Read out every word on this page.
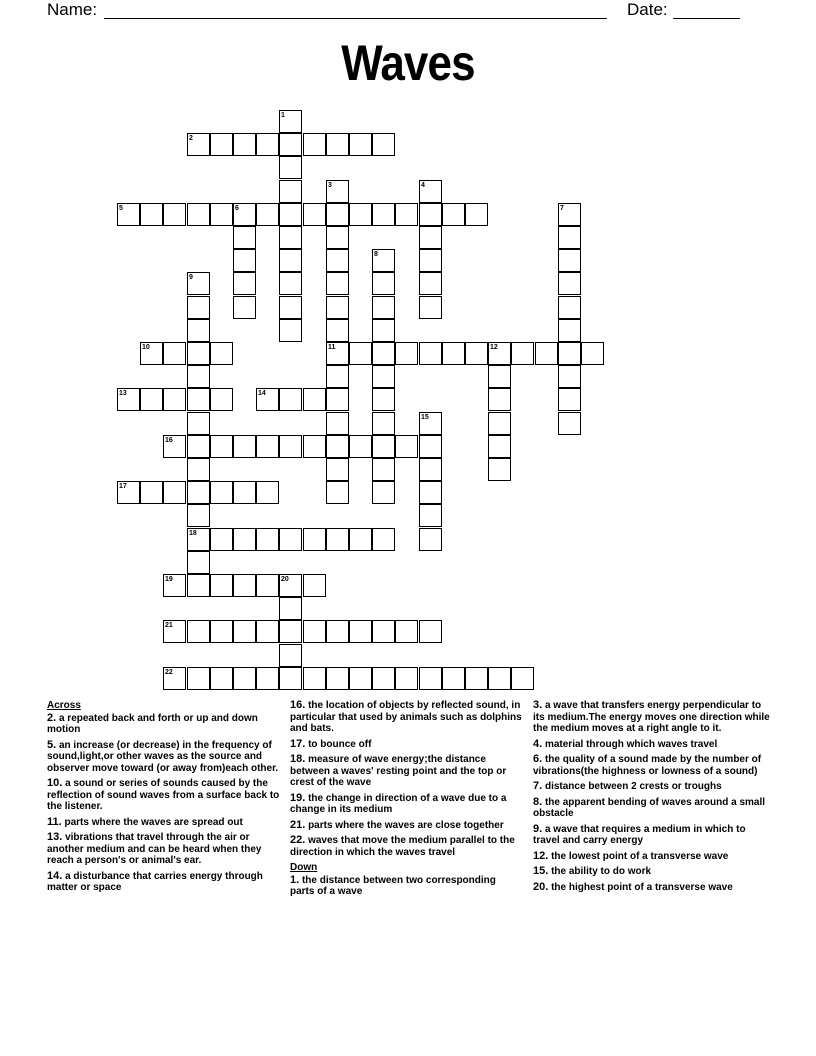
Name:	Date:
Waves
1
2
3	4
5	6	7
8
9
10	11	12
13	14
15
16
17
18
19	20
21
22
Across
2. a repeated back and forth or up and down motion
5. an increase (or decrease) in the frequency of sound,light,or other waves as the source and observer move toward (or away from)each other.
10. a sound or series of sounds caused by the reflection of sound waves from a surface back to the listener.
11. parts where the waves are spread out
13. vibrations that travel through the air or another medium and can be heard when they reach a person's or animal's ear.
14. a disturbance that carries energy through matter or space
16. the location of objects by reflected sound, in particular that used by animals such as dolphins and bats.
17. to bounce off
18. measure of wave energy;the distance between a waves' resting point and the top or crest of the wave
19. the change in direction of a wave due to a change in its medium
21. parts where the waves are close together
22. waves that move the medium parallel to the direction in which the waves travel
Down
1. the distance between two corresponding parts of a wave
3. a wave that transfers energy perpendicular to its medium.The energy moves one direction while the medium moves at a right angle to it.
4. material through which waves travel
6. the quality of a sound made by the number of vibrations(the highness or lowness of a sound)
7. distance between 2 crests or troughs
8. the apparent bending of waves around a small obstacle
9. a wave that requires a medium in which to travel and carry energy
12. the lowest point of a transverse wave
15. the ability to do work
20. the highest point of a transverse wave
